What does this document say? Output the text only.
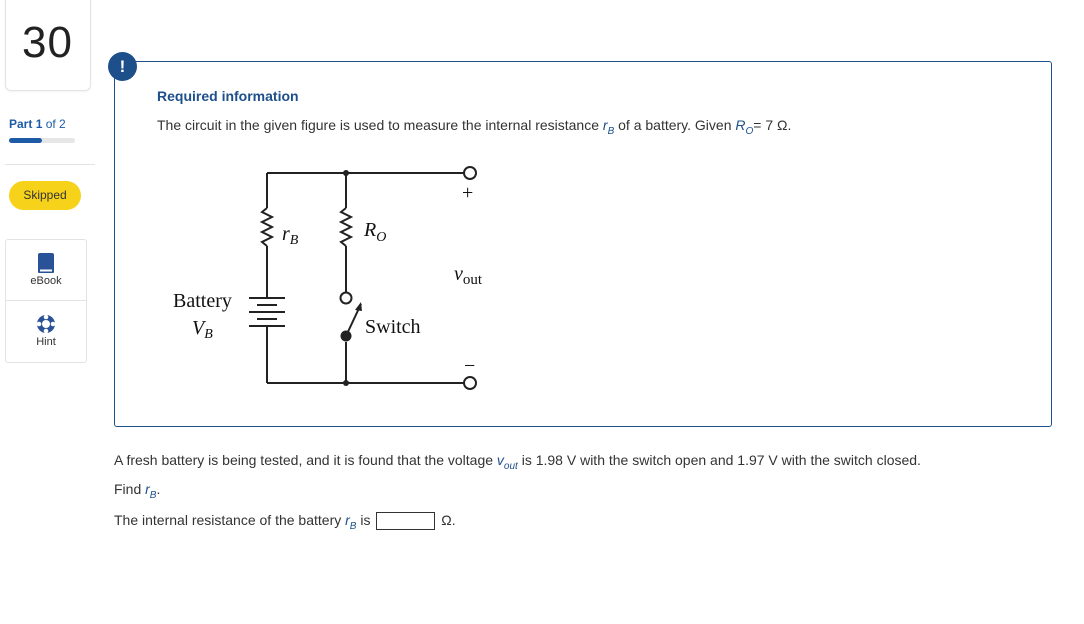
30
Part 1 of 2
Skipped
eBook
Hint
!
Required information
The circuit in the given figure is used to measure the internal resistance $r_B$ of a battery. Given $R_O= 7$ Ω.
$r_B$	$R_O$
+
−
$v_{out}$
Battery
$V_B$	Switch
A fresh battery is being tested, and it is found that the voltage $v_{out}$ is 1.98 V with the switch open and 1.97 V with the switch closed.
Find $r_B$.
The internal resistance of the battery $r_B$ is	Ω.
